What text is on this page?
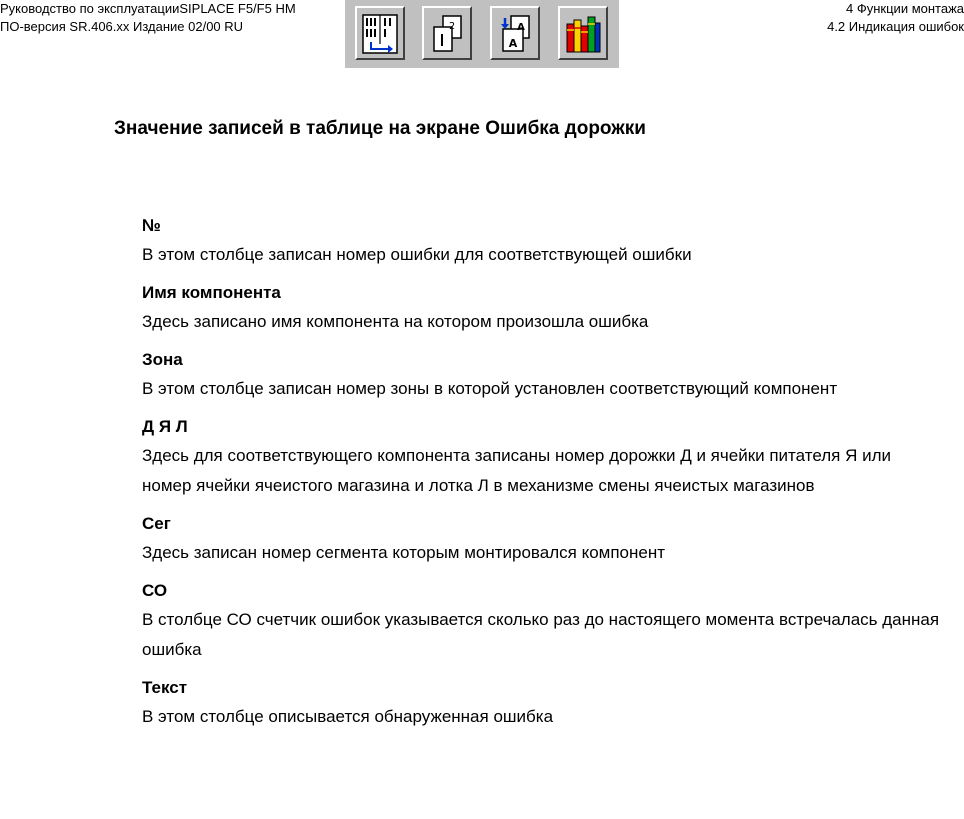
Руководство по эксплуатацииSIPLACE F5/F5 HM
ПО-версия SR.406.xx Издание 02/00 RU
4 Функции монтажа
4.2 Индикация ошибок
2	A
A
Значение записей в таблице на экране Ошибка дорожки
№
В этом столбце записан номер ошибки для соответствующей ошибки
Имя компонента
Здесь записано имя компонента на котором произошла ошибка
Зона
В этом столбце записан номер зоны в которой установлен соответствующий компонент
Д Я Л
Здесь для соответствующего компонента записаны номер дорожки Д и ячейки питателя Я или номер ячейки ячеистого магазина и лотка Л в механизме смены ячеистых магазинов
Сег
Здесь записан номер сегмента которым монтировался компонент
СО
В столбце СО счетчик ошибок указывается сколько раз до настоящего момента встречалась данная ошибка
Текст
В этом столбце описывается обнаруженная ошибка
